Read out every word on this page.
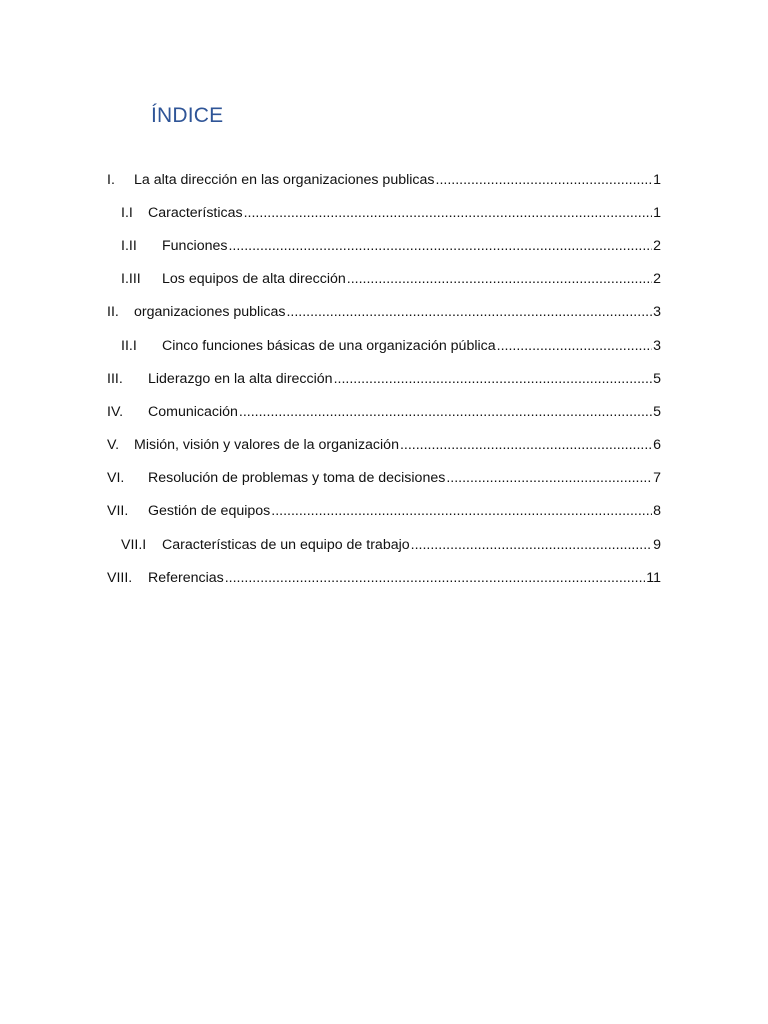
ÍNDICE
I.	La alta dirección en las organizaciones publicas .....	1
I.I	Características .....	1
I.II	Funciones .....	2
I.III	Los equipos de alta dirección .....	2
II.	organizaciones publicas .....	3
II.I	Cinco funciones básicas de una organización pública .....	3
III.	Liderazgo en la alta dirección .....	5
IV.	Comunicación .....	5
V.	Misión, visión y valores de la organización .....	6
VI.	Resolución de problemas y toma de decisiones .....	7
VII.	Gestión de equipos .....	8
VII.I	Características de un equipo de trabajo .....	9
VIII.	Referencias .....	11
